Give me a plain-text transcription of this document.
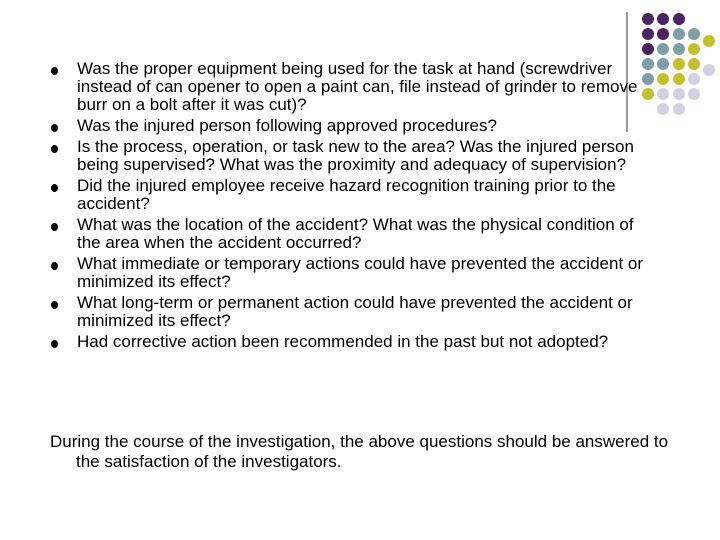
Was the proper equipment being used for the task at hand (screwdriver instead of can opener to open a paint can, file instead of grinder to remove burr on a bolt after it was cut)?
Was the injured person following approved procedures?
Is the process, operation, or task new to the area? Was the injured person being supervised? What was the proximity and adequacy of supervision?
Did the injured employee receive hazard recognition training prior to the accident?
What was the location of the accident? What was the physical condition of the area when the accident occurred?
What immediate or temporary actions could have prevented the accident or minimized its effect?
What long-term or permanent action could have prevented the accident or minimized its effect?
Had corrective action been recommended in the past but not adopted?

During the course of the investigation, the above questions should be answered to the satisfaction of the investigators.
